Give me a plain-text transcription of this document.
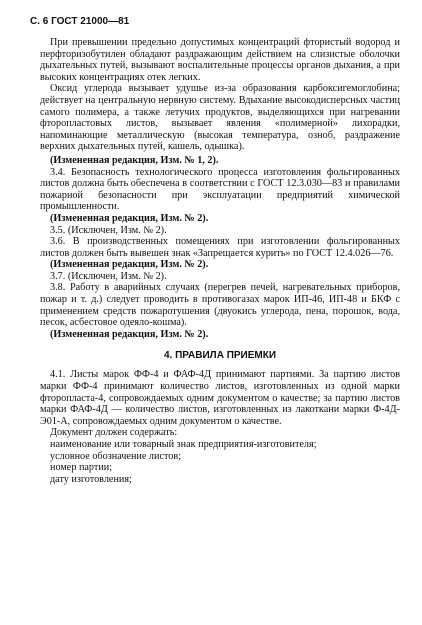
С. 6 ГОСТ 21000—81

При превышении предельно допустимых концентраций фтористый водород и перфторизобутилен обладают раздражающим действием на слизистые оболочки дыхательных путей, вызывают воспалительные процессы органов дыхания, а при высоких концентрациях отек легких.

Оксид углерода вызывает удушье из-за образования карбоксигемоглобина; действует на центральную нервную систему. Вдыхание высокодисперсных частиц самого полимера, а также летучих продуктов, выделяющихся при нагревании фторопластовых листов, вызывает явления «полимерной» лихорадки, напоминающие металлическую (высокая температура, озноб, раздражение верхних дыхательных путей, кашель, одышка).

(Измененная редакция, Изм. № 1, 2).

3.4. Безопасность технологического процесса изготовления фольгированных листов должна быть обеспечена в соответствии с ГОСТ 12.3.030—83 и правилами пожарной безопасности при эксплуатации предприятий химической промышленности.

(Измененная редакция, Изм. № 2).

3.5. (Исключен, Изм. № 2).

3.6. В производственных помещениях при изготовлении фольгированных листов должен быть вывешен знак «Запрещается курить» по ГОСТ 12.4.026—76.

(Измененная редакция, Изм. № 2).

3.7. (Исключен, Изм. № 2).

3.8. Работу в аварийных случаях (перегрев печей, нагревательных приборов, пожар и т. д.) следует проводить в противогазах марок ИП-46, ИП-48 и БКФ с применением средств пожаротушения (двуокись углерода, пена, порошок, вода, песок, асбестовое одеяло-кошма).

(Измененная редакция, Изм. № 2).

4. ПРАВИЛА ПРИЕМКИ

4.1. Листы марок ФФ-4 и ФАФ-4Д принимают партиями. За партию листов марки ФФ-4 принимают количество листов, изготовленных из одной марки фторопласта-4, сопровождаемых одним документом о качестве; за партию листов марки ФАФ-4Д — количество листов, изготовленных из лакоткани марки Ф-4Д-Э01-А, сопровождаемых одним документом о качестве.

Документ должен содержать:

наименование или товарный знак предприятия-изготовителя;

условное обозначение листов;

номер партии;

дату изготовления;
